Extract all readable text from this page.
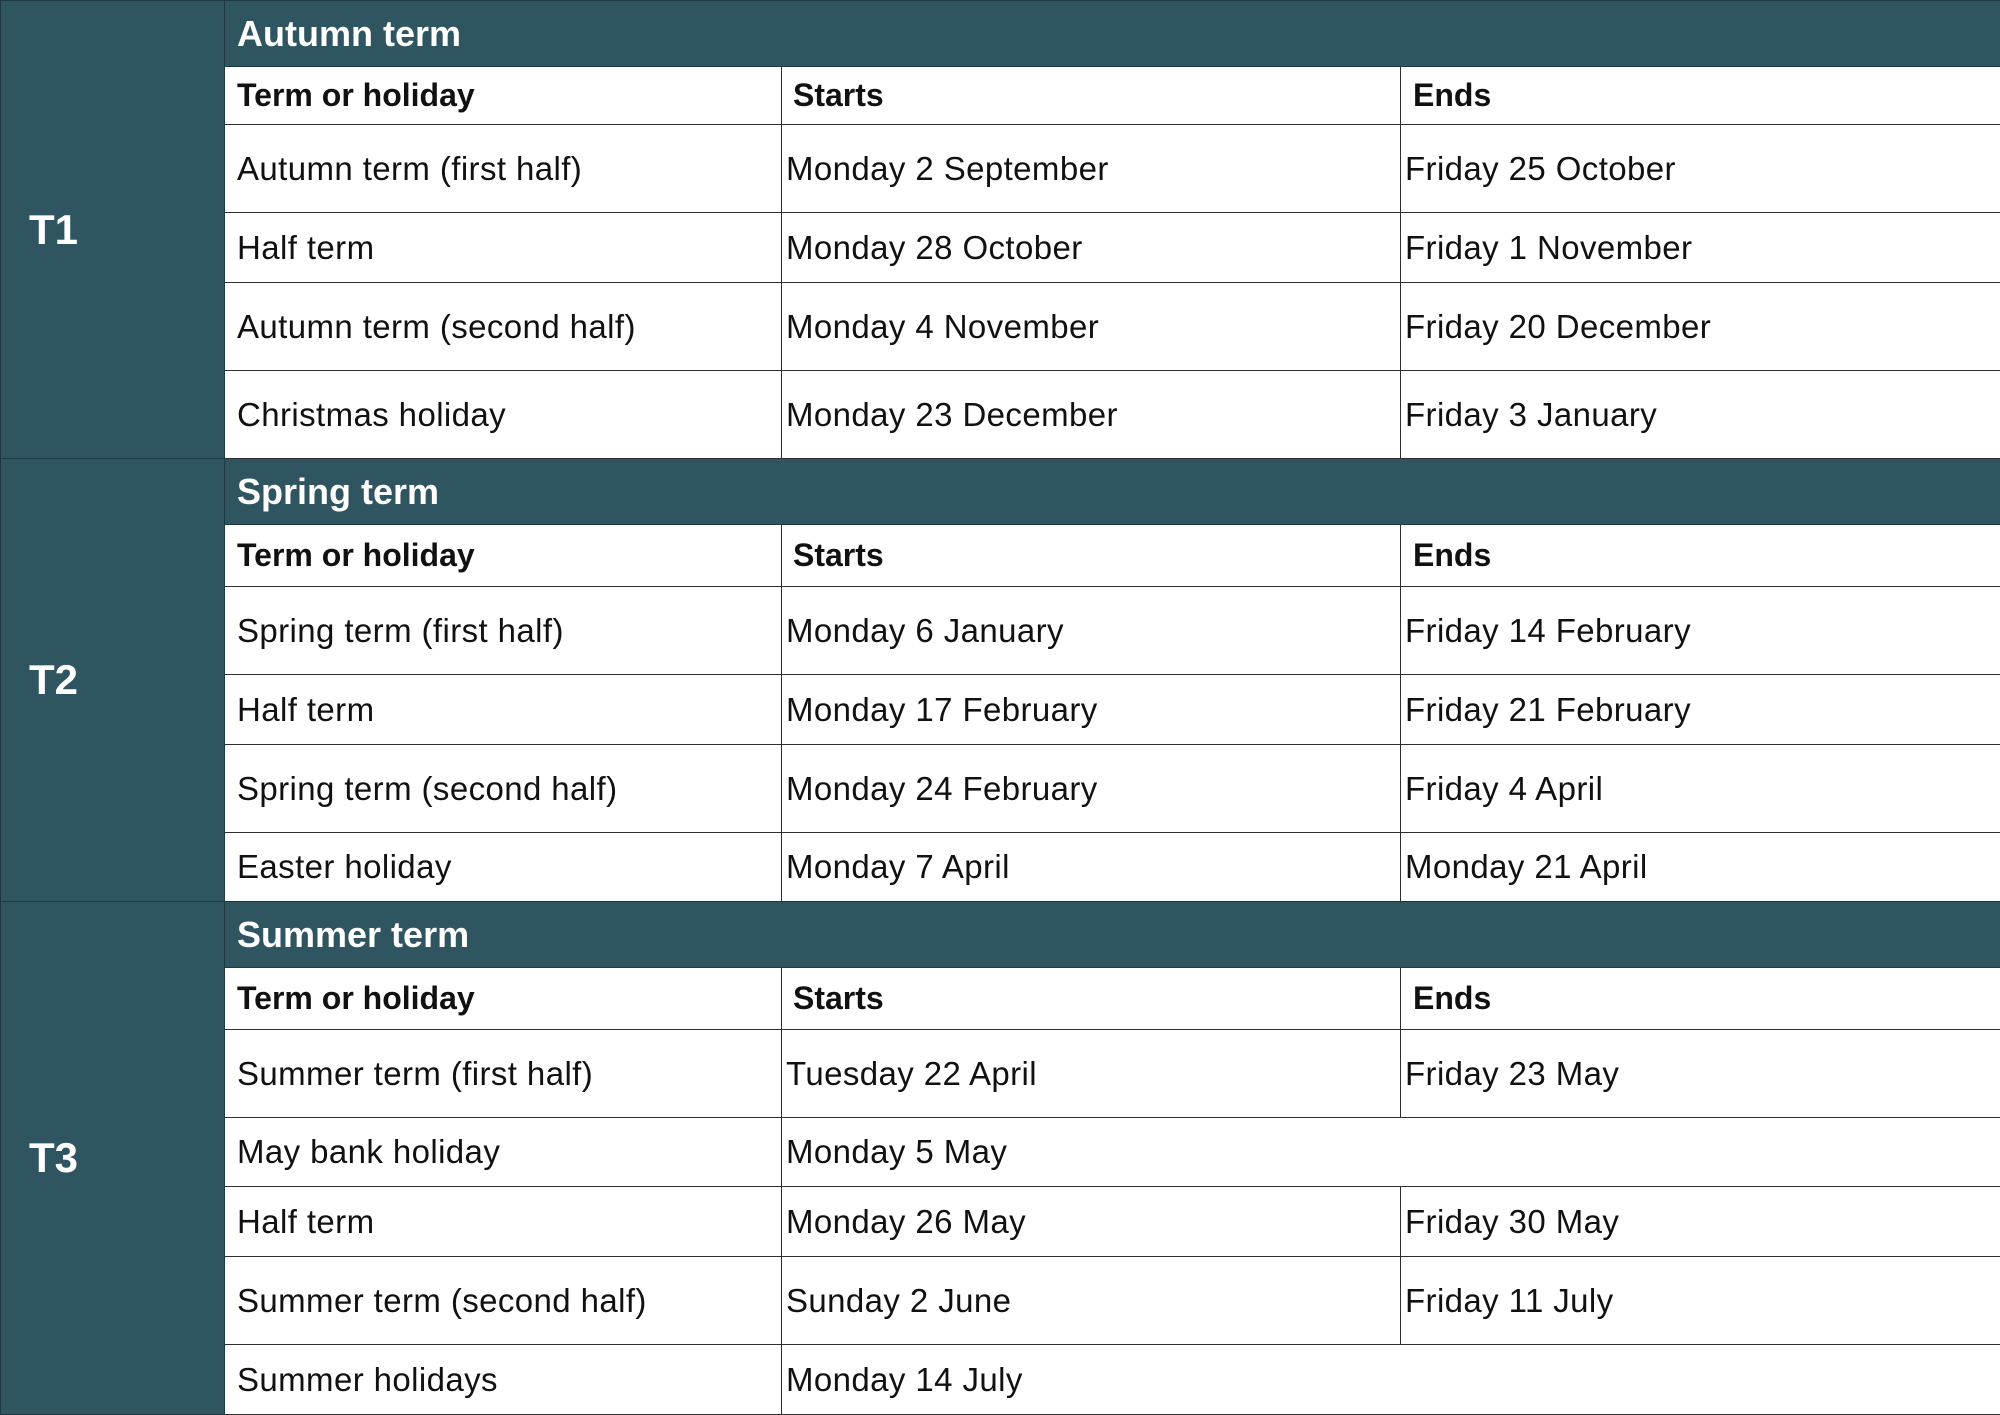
T1	Autumn term		
	Term or holiday	Starts	Ends
	Autumn term (first half)	Monday 2 September	Friday 25 October
	Half term	Monday 28 October	Friday 1 November
	Autumn term (second half)	Monday 4 November	Friday 20 December
	Christmas holiday	Monday 23 December	Friday 3 January
T2	Spring term		
	Term or holiday	Starts	Ends
	Spring term (first half)	Monday 6 January	Friday 14 February
	Half term	Monday 17 February	Friday 21 February
	Spring term (second half)	Monday 24 February	Friday 4 April
	Easter holiday	Monday 7 April	Monday 21 April
T3	Summer term		
	Term or holiday	Starts	Ends
	Summer term (first half)	Tuesday 22 April	Friday 23 May
	May bank holiday	Monday 5 May	
	Half term	Monday 26 May	Friday 30 May
	Summer term (second half)	Sunday 2 June	Friday 11 July
	Summer holidays	Monday 14 July	
